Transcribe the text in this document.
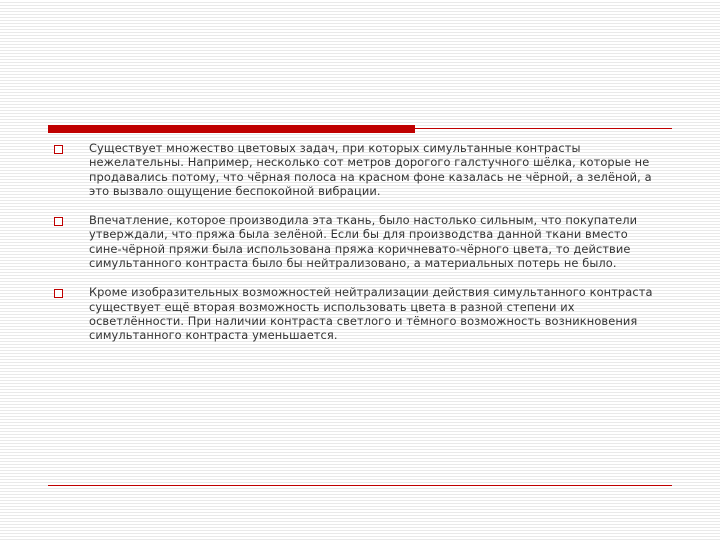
Существует множество цветовых задач, при которых симультанные контрасты нежелательны. Например, несколько сот метров дорогого галстучного шёлка, которые не продавались потому, что чёрная полоса на красном фоне казалась не чёрной, а зелёной, а это вызвало ощущение беспокойной вибрации.
Впечатление, которое производила эта ткань, было настолько сильным, что покупатели утверждали, что пряжа была зелёной. Если бы для производства данной ткани вместо сине-чёрной пряжи была использована пряжа коричневато-чёрного цвета, то действие симультанного контраста было бы нейтрализовано, а материальных потерь не было.
Кроме изобразительных возможностей нейтрализации действия симультанного контраста существует ещё вторая возможность использовать цвета в разной степени их осветлённости. При наличии контраста светлого и тёмного возможность возникновения симультанного контраста уменьшается.
